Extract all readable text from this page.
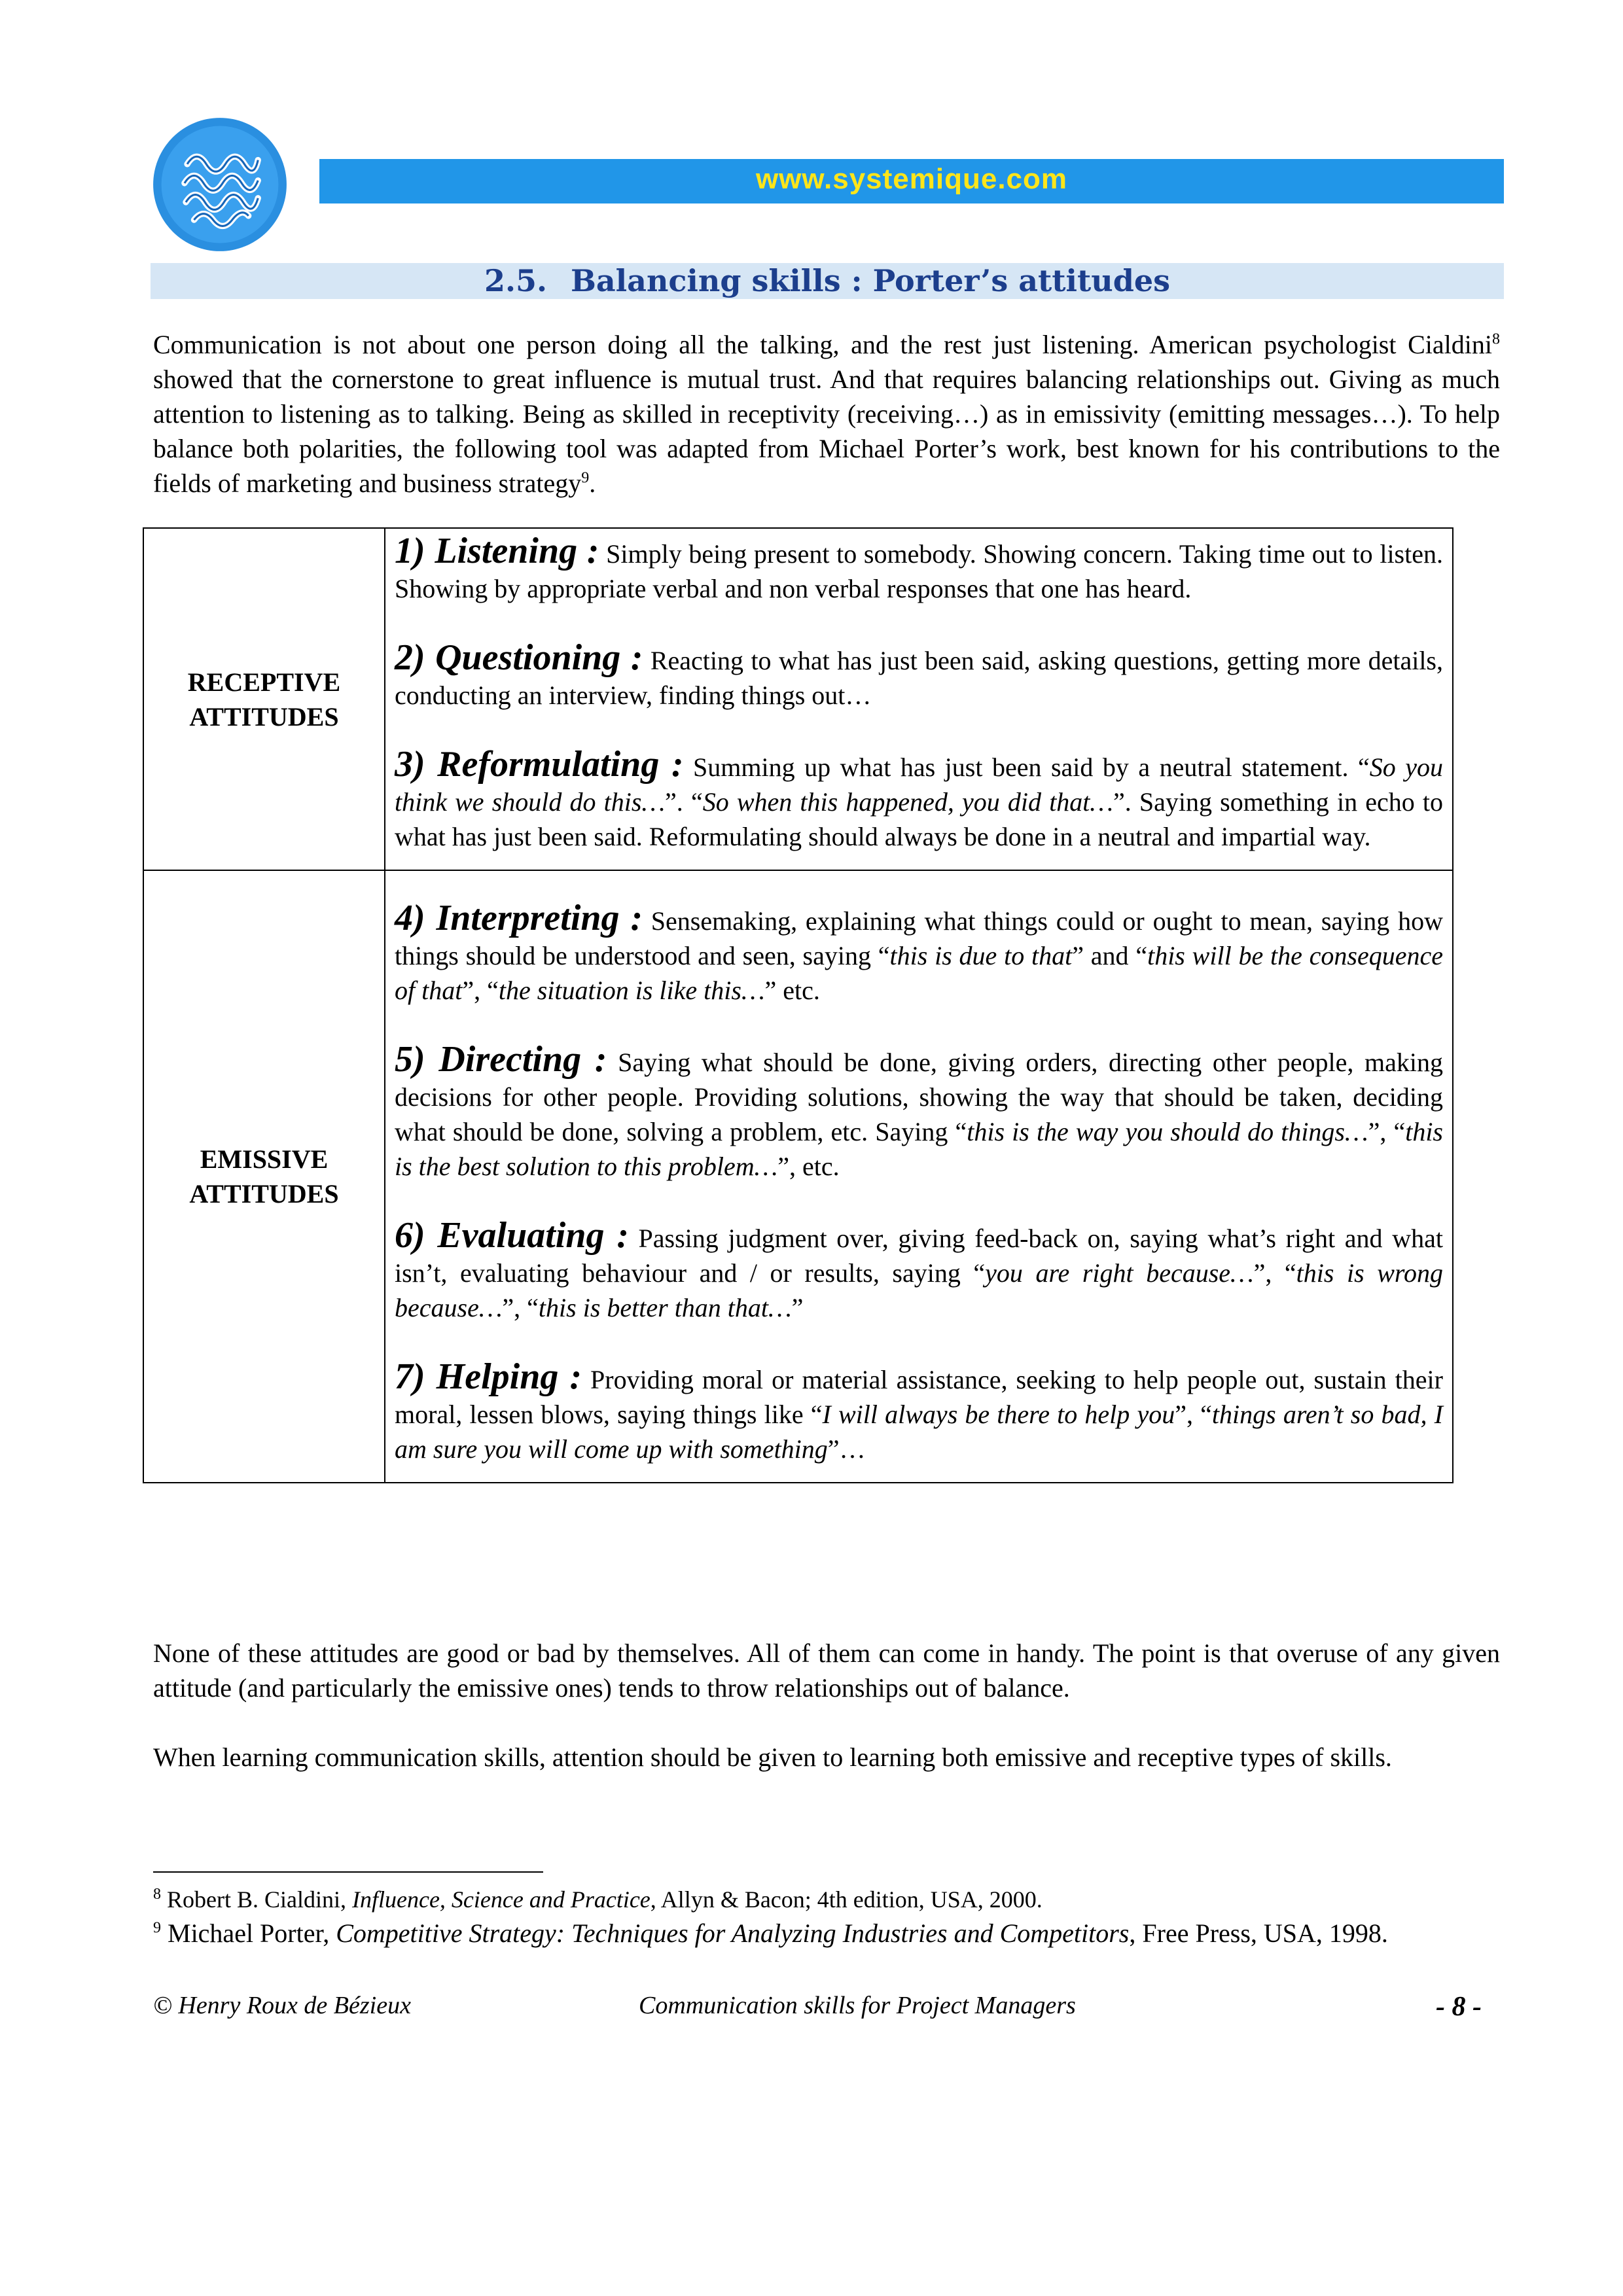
www.systemique.com
2.5. Balancing skills : Porter’s attitudes
Communication is not about one person doing all the talking, and the rest just listening. American psychologist Cialdini$^8$ showed that the cornerstone to great influence is mutual trust. And that requires balancing relationships out. Giving as much attention to listening as to talking. Being as skilled in receptivity (receiving…) as in emissivity (emitting messages…). To help balance both polarities, the following tool was adapted from Michael Porter’s work, best known for his contributions to the fields of marketing and business strategy$^9$.
RECEPTIVE ATTITUDES	1) Listening : Simply being present to somebody. Showing concern. Taking time out to listen. Showing by appropriate verbal and non verbal responses that one has heard.

2) Questioning : Reacting to what has just been said, asking questions, getting more details, conducting an interview, finding things out…

3) Reformulating : Summing up what has just been said by a neutral statement. “So you think we should do this…”. “So when this happened, you did that…”. Saying something in echo to what has just been said. Reformulating should always be done in a neutral and impartial way.

EMISSIVE ATTITUDES	4) Interpreting : Sensemaking, explaining what things could or ought to mean, saying how things should be understood and seen, saying “this is due to that” and “this will be the consequence of that”, “the situation is like this…” etc.

5) Directing : Saying what should be done, giving orders, directing other people, making decisions for other people. Providing solutions, showing the way that should be taken, deciding what should be done, solving a problem, etc. Saying “this is the way you should do things…”, “this is the best solution to this problem…”, etc.

6) Evaluating : Passing judgment over, giving feed-back on, saying what’s right and what isn’t, evaluating behaviour and / or results, saying “you are right because…”, “this is wrong because…”, “this is better than that…”

7) Helping : Providing moral or material assistance, seeking to help people out, sustain their moral, lessen blows, saying things like “I will always be there to help you”, “things aren’t so bad, I am sure you will come up with something”…

None of these attitudes are good or bad by themselves. All of them can come in handy. The point is that overuse of any given attitude (and particularly the emissive ones) tends to throw relationships out of balance.
When learning communication skills, attention should be given to learning both emissive and receptive types of skills.
$^8$ Robert B. Cialdini, Influence, Science and Practice, Allyn & Bacon; 4th edition, USA, 2000.
$^9$ Michael Porter, Competitive Strategy: Techniques for Analyzing Industries and Competitors, Free Press, USA, 1998.
© Henry Roux de Bézieux	Communication skills for Project Managers	- 8 -
